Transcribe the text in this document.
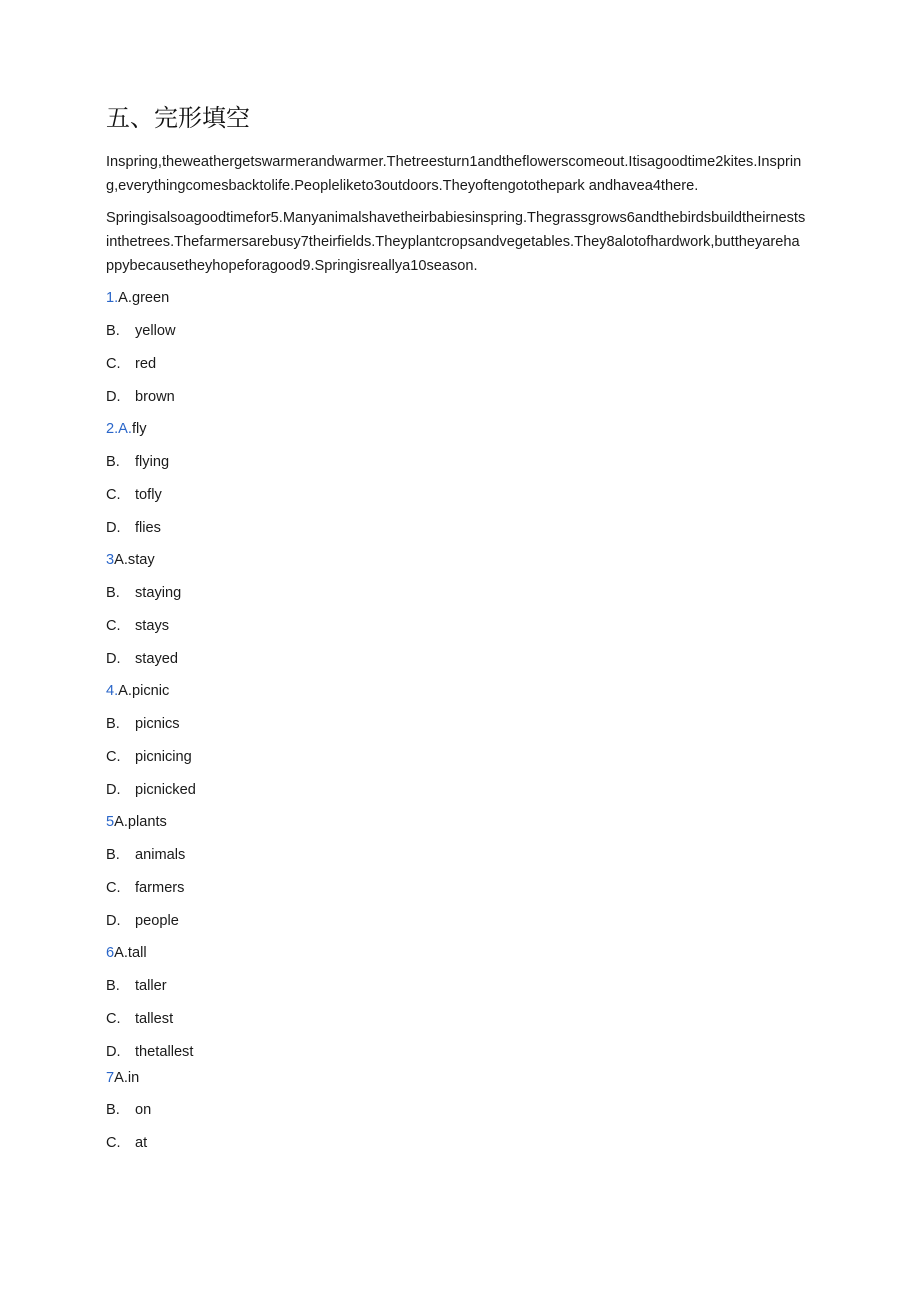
五、完形填空

Inspring,theweathergetswarmerandwarmer.Thetreesturn1andtheflowerscomeout.Itisagoodtime2kites.Inspring,everythingcomesbacktolife.Peopleliketo3outdoors.Theyoftengotothepark andhavea4there.

Springisalsoagoodtimefor5.Manyanimalshavetheirbabiesinspring.Thegrassgrows6andthebirdsbuildtheirnestsinthetrees.Thefarmersarebusy7theirfields.Theyplantcropsandvegetables.They8alotofhardwork,buttheyarehappybecausetheyhopeforagood9.Springisreallya10season.

1.A.green
B. yellow
C. red
D. brown
2.A.fly
B. flying
C. tofly
D. flies
3A.stay
B. staying
C. stays
D. stayed
4.A.picnic
B. picnics
C. picnicing
D. picnicked
5A.plants
B. animals
C. farmers
D. people
6A.tall
B. taller
C. tallest
D. thetallest
7A.in
B. on
C. at
